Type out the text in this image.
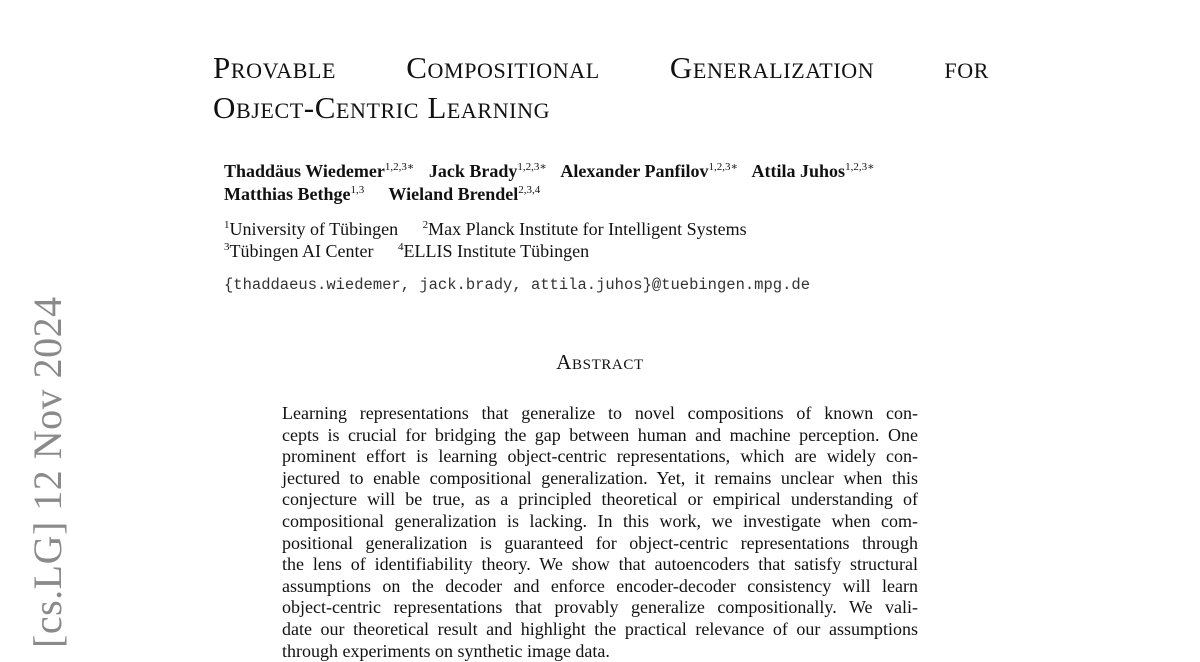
[cs.LG] 12 Nov 2024
Provable Compositional Generalization for
Object-Centric Learning
Thaddäus Wiedemer$^{1,2,3∗}$ Jack Brady$^{1,2,3∗}$ Alexander Panfilov$^{1,2,3∗}$ Attila Juhos$^{1,2,3∗}$
Matthias Bethge$^{1,3}$ Wieland Brendel$^{2,3,4}$
$^1$University of Tübingen $^2$Max Planck Institute for Intelligent Systems
$^3$Tübingen AI Center $^4$ELLIS Institute Tübingen
{thaddaeus.wiedemer, jack.brady, attila.juhos}@tuebingen.mpg.de
Abstract
Learning representations that generalize to novel compositions of known con-
cepts is crucial for bridging the gap between human and machine perception. One
prominent effort is learning object-centric representations, which are widely con-
jectured to enable compositional generalization. Yet, it remains unclear when this
conjecture will be true, as a principled theoretical or empirical understanding of
compositional generalization is lacking. In this work, we investigate when com-
positional generalization is guaranteed for object-centric representations through
the lens of identifiability theory. We show that autoencoders that satisfy structural
assumptions on the decoder and enforce encoder-decoder consistency will learn
object-centric representations that provably generalize compositionally. We vali-
date our theoretical result and highlight the practical relevance of our assumptions
through experiments on synthetic image data.
